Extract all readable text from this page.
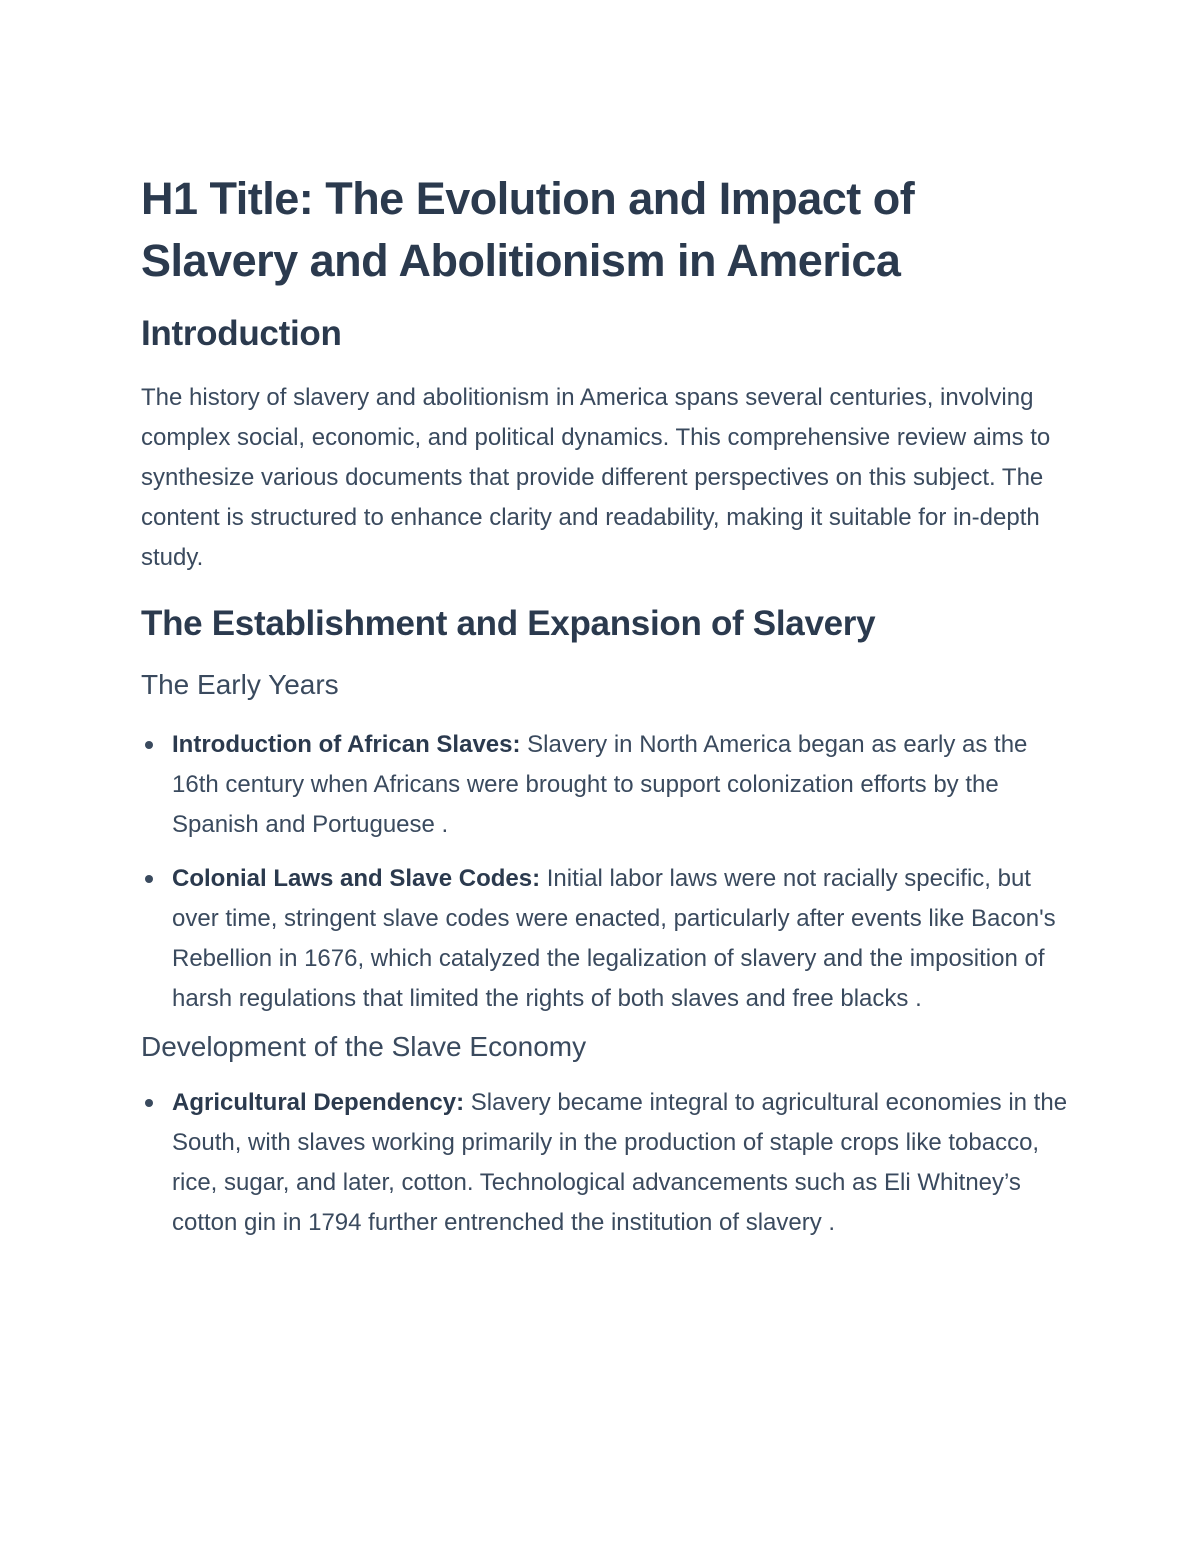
H1 Title: The Evolution and Impact of Slavery and Abolitionism in America
Introduction

The history of slavery and abolitionism in America spans several centuries, involving complex social, economic, and political dynamics. This comprehensive review aims to synthesize various documents that provide different perspectives on this subject. The content is structured to enhance clarity and readability, making it suitable for in-depth study.

The Establishment and Expansion of Slavery
The Early Years
Introduction of African Slaves: Slavery in North America began as early as the 16th century when Africans were brought to support colonization efforts by the Spanish and Portuguese .
Colonial Laws and Slave Codes: Initial labor laws were not racially specific, but over time, stringent slave codes were enacted, particularly after events like Bacon's Rebellion in 1676, which catalyzed the legalization of slavery and the imposition of harsh regulations that limited the rights of both slaves and free blacks .
Development of the Slave Economy
Agricultural Dependency: Slavery became integral to agricultural economies in the South, with slaves working primarily in the production of staple crops like tobacco, rice, sugar, and later, cotton. Technological advancements such as Eli Whitney’s cotton gin in 1794 further entrenched the institution of slavery .
